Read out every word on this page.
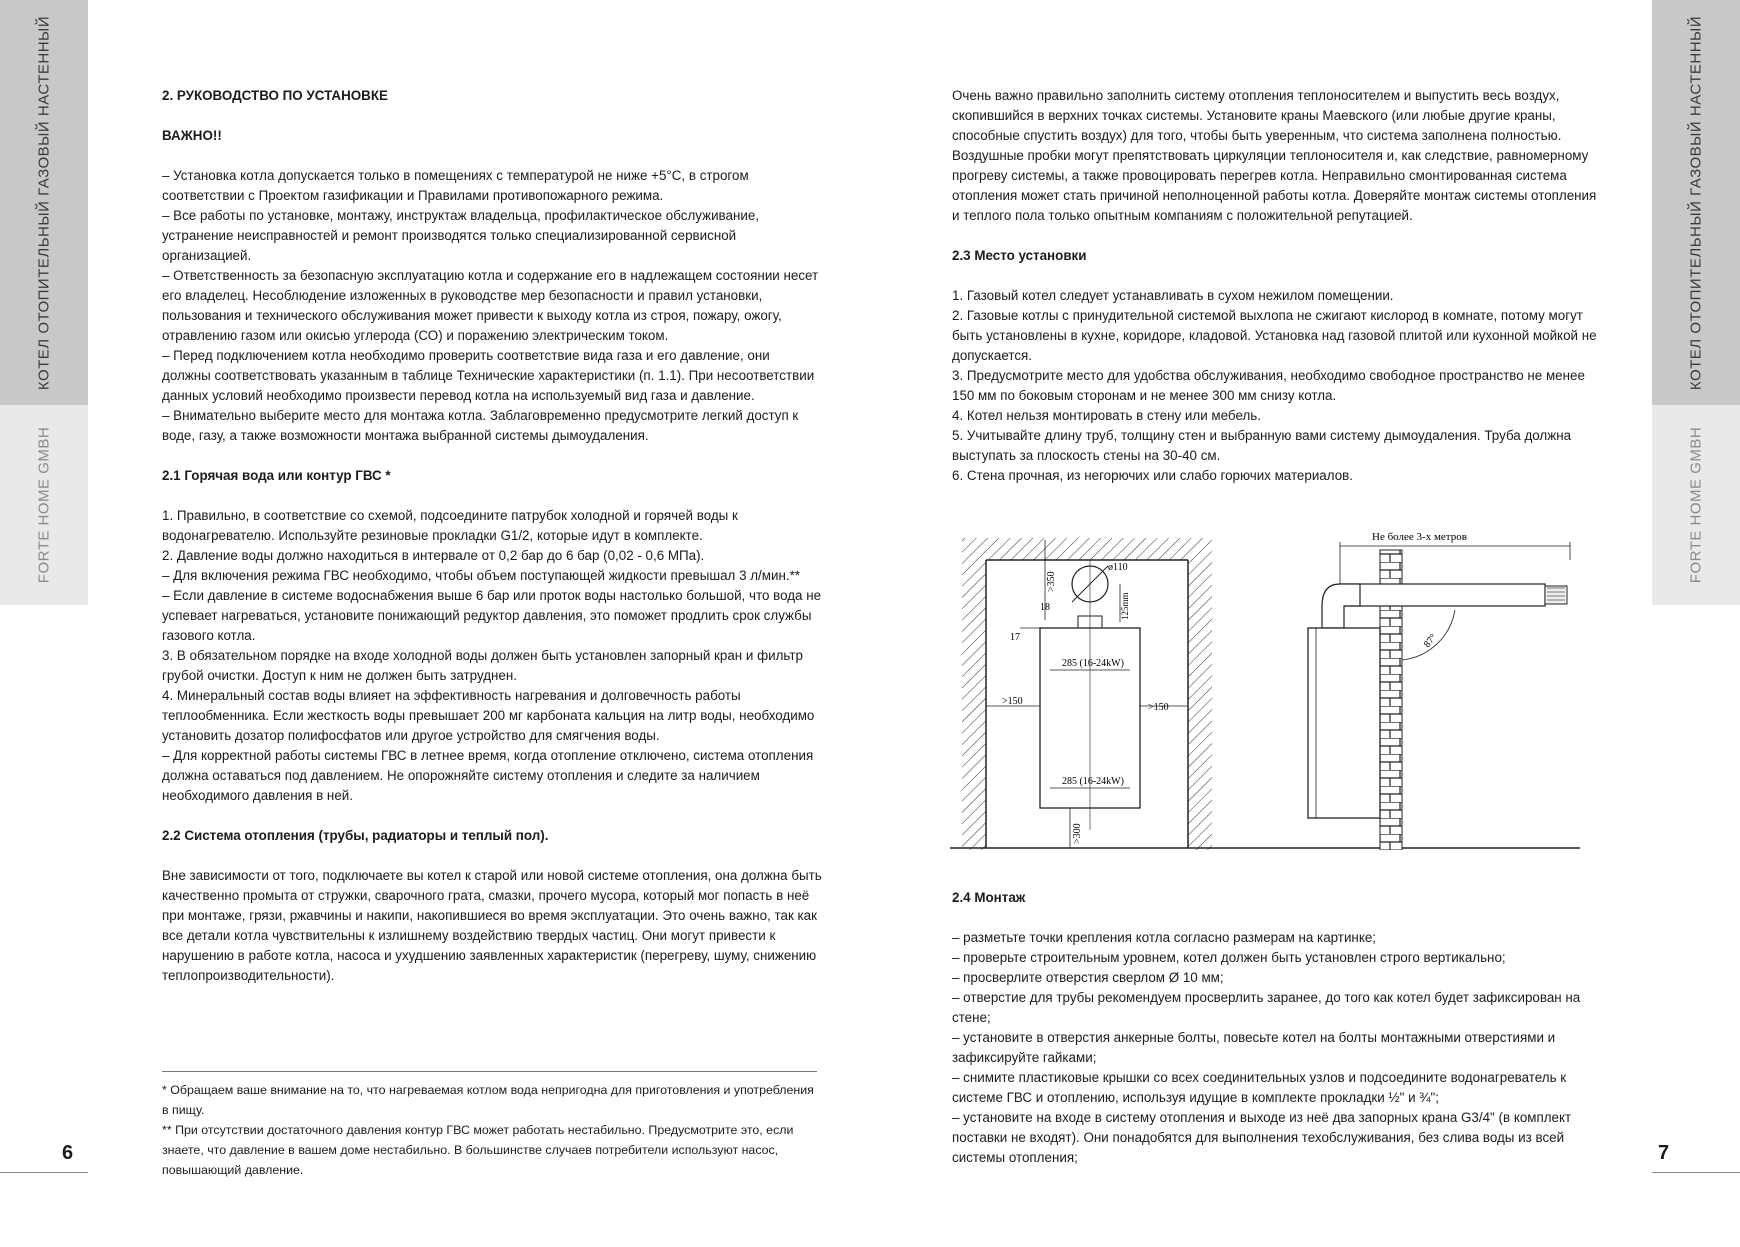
КОТЕЛ ОТОПИТЕЛЬНЫЙ ГАЗОВЫЙ НАСТЕННЫЙ
FORTE HOME GMBH
КОТЕЛ ОТОПИТЕЛЬНЫЙ ГАЗОВЫЙ НАСТЕННЫЙ
FORTE HOME GMBH
6	7

2. РУКОВОДСТВО ПО УСТАНОВКЕ

ВАЖНО!!

– Установка котла допускается только в помещениях с температурой не ниже +5°С, в строгом соответствии с Проектом газификации и Правилами противопожарного режима.

– Все работы по установке, монтажу, инструктаж владельца, профилактическое обслуживание, устранение неисправностей и ремонт производятся только специализированной сервисной организацией.

– Ответственность за безопасную эксплуатацию котла и содержание его в надлежащем состоянии несет его владелец. Несоблюдение изложенных в руководстве мер безопасности и правил установки, пользования и технического обслуживания может привести к выходу котла из строя, пожару, ожогу, отравлению газом или окисью углерода (СО) и поражению электрическим током.

– Перед подключением котла необходимо проверить соответствие вида газа и его давление, они должны соответствовать указанным в таблице Технические характеристики (п. 1.1). При несоответствии данных условий необходимо произвести перевод котла на используемый вид газа и давление.

– Внимательно выберите место для монтажа котла. Заблаговременно предусмотрите легкий доступ к воде, газу, а также возможности монтажа выбранной системы дымоудаления.

2.1 Горячая вода или контур ГВС *

1. Правильно, в соответствие со схемой, подсоедините патрубок холодной и горячей воды к водонагревателю. Используйте резиновые прокладки G1/2, которые идут в комплекте.

2. Давление воды должно находиться в интервале от 0,2 бар до 6 бар (0,02 - 0,6 МПа).

– Для включения режима ГВС необходимо, чтобы объем поступающей жидкости превышал 3 л/мин.**

– Если давление в системе водоснабжения выше 6 бар или проток воды настолько большой, что вода не успевает нагреваться, установите понижающий редуктор давления, это поможет продлить срок службы газового котла.

3. В обязательном порядке на входе холодной воды должен быть установлен запорный кран и фильтр грубой очистки. Доступ к ним не должен быть затруднен.

4. Минеральный состав воды влияет на эффективность нагревания и долговечность работы теплообменника. Если жесткость воды превышает 200 мг карбоната кальция на литр воды, необходимо установить дозатор полифосфатов или другое устройство для смягчения воды.

– Для корректной работы системы ГВС в летнее время, когда отопление отключено, система отопления должна оставаться под давлением. Не опорожняйте систему отопления и следите за наличием необходимого давления в ней.

2.2 Система отопления (трубы, радиаторы и теплый пол).

Вне зависимости от того, подключаете вы котел к старой или новой системе отопления, она должна быть качественно промыта от стружки, сварочного грата, смазки, прочего мусора, который мог попасть в неё при монтаже, грязи, ржавчины и накипи, накопившиеся во время эксплуатации. Это очень важно, так как все детали котла чувствительны к излишнему воздействию твердых частиц. Они могут привести к нарушению в работе котла, насоса и ухудшению заявленных характеристик (перегреву, шуму, снижению теплопроизводительности).

* Обращаем ваше внимание на то, что нагреваемая котлом вода непригодна для приготовления и употребления в пищу.

** При отсутствии достаточного давления контур ГВС может работать нестабильно. Предусмотрите это, если знаете, что давление в вашем доме нестабильно. В большинстве случаев потребители используют насос, повышающий давление.

Очень важно правильно заполнить систему отопления теплоносителем и выпустить весь воздух, скопившийся в верхних точках системы. Установите краны Маевского (или любые другие краны, способные спустить воздух) для того, чтобы быть уверенным, что система заполнена полностью. Воздушные пробки могут препятствовать циркуляции теплоносителя и, как следствие, равномерному прогреву системы, а также провоцировать перегрев котла. Неправильно смонтированная система отопления может стать причиной неполноценной работы котла. Доверяйте монтаж системы отопления и теплого пола только опытным компаниям с положительной репутацией.

2.3 Место установки

1. Газовый котел следует устанавливать в сухом нежилом помещении.

2. Газовые котлы с принудительной системой выхлопа не сжигают кислород в комнате, потому могут быть установлены в кухне, коридоре, кладовой. Установка над газовой плитой или кухонной мойкой не допускается.

3. Предусмотрите место для удобства обслуживания, необходимо свободное пространство не менее 150 мм по боковым сторонам и не менее 300 мм снизу котла.

4. Котел нельзя монтировать в стену или мебель.

5. Учитывайте длину труб, толщину стен и выбранную вами систему дымоудаления. Труба должна выступать за плоскость стены на 30-40 см.

6. Стена прочная, из негорючих или слабо горючих материалов.

ø110
>350
125mm
18
17
285 (16-24kW)
285 (16-24kW)
>150
>150
>300
Не более 3-х метров
87°

2.4 Монтаж

– разметьте точки крепления котла согласно размерам на картинке;

– проверьте строительным уровнем, котел должен быть установлен строго вертикально;

– просверлите отверстия сверлом Ø 10 мм;

– отверстие для трубы рекомендуем просверлить заранее, до того как котел будет зафиксирован на стене;

– установите в отверстия анкерные болты, повесьте котел на болты монтажными отверстиями и зафиксируйте гайками;

– снимите пластиковые крышки со всех соединительных узлов и подсоедините водонагреватель к системе ГВС и отоплению, используя идущие в комплекте прокладки ½" и ¾";

– установите на входе в систему отопления и выходе из неё два запорных крана G3/4" (в комплект поставки не входят). Они понадобятся для выполнения техобслуживания, без слива воды из всей системы отопления;
